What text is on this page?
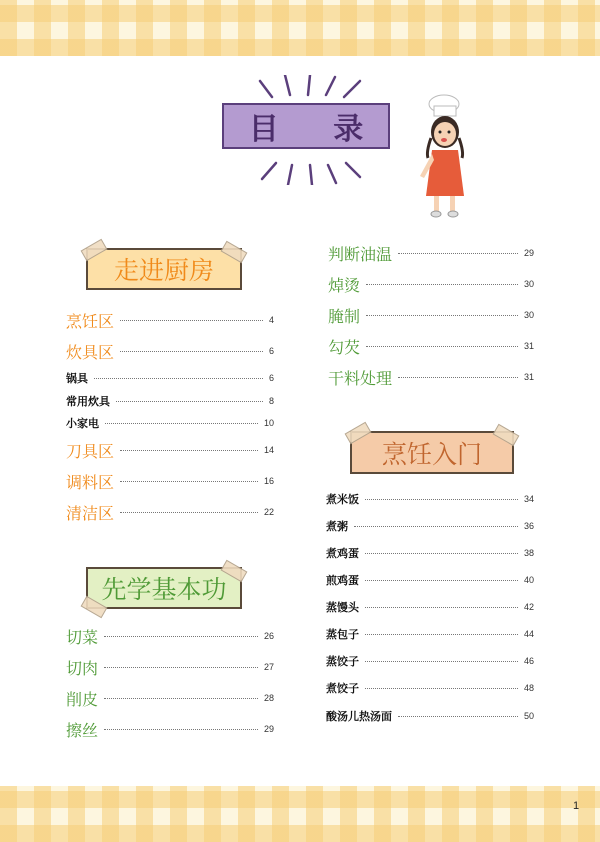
目 录
走进厨房
烹饪区	4
炊具区	6
锅具	6
常用炊具	8
小家电	10
刀具区	14
调料区	16
清洁区	22
先学基本功
切菜	26
切肉	27
削皮	28
擦丝	29
判断油温	29
焯烫	30
腌制	30
勾芡	31
干料处理	31
烹饪入门
煮米饭	34
煮粥	36
煮鸡蛋	38
煎鸡蛋	40
蒸馒头	42
蒸包子	44
蒸饺子	46
煮饺子	48
酸汤儿热汤面	50
1
